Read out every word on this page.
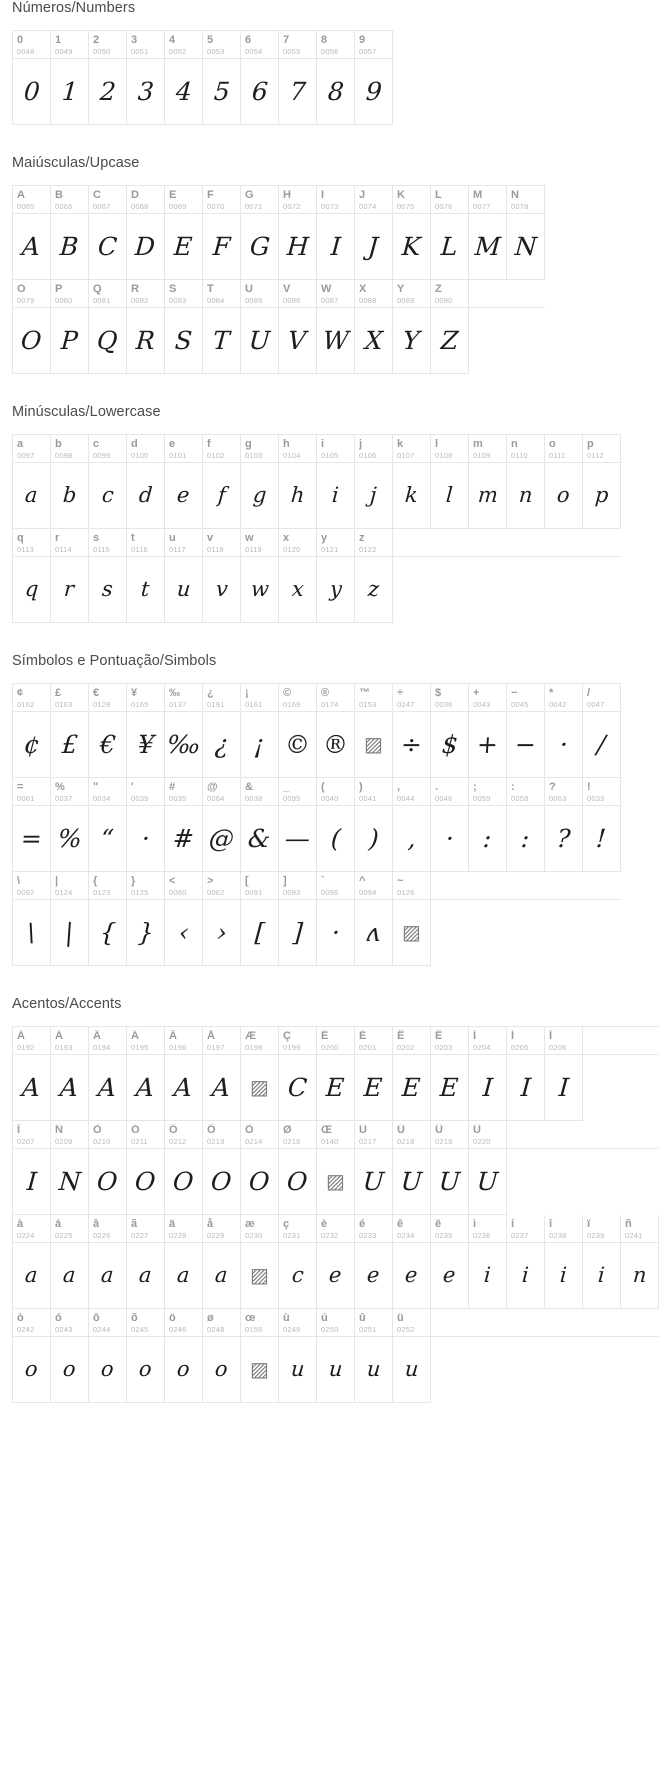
Números/Numbers
0
0048
1
0049
2
0050
3
0051
4
0052
5
0053
6
0054
7
0055
8
0056
9
0057
0 1 2 3 4 5 6 7 8 9
Maiúsculas/Upcase
A
0065
B
0066
C
0067
D
0068
E
0069
F
0070
G
0071
H
0072
I
0073
J
0074
K
0075
L
0076
M
0077
N
0078
A B C D E F G H I J K L M N
O
0079
P
0080
Q
0081
R
0082
S
0083
T
0084
U
0085
V
0086
W
0087
X
0088
Y
0089
Z
0090
O P Q R S T U V W X Y Z
Minúsculas/Lowercase
a
0097
b
0098
c
0099
d
0100
e
0101
f
0102
g
0103
h
0104
i
0105
j
0106
k
0107
l
0108
m
0109
n
0110
o
0111
p
0112
a b c d e f g h i j k l m n o p
q
0113
r
0114
s
0115
t
0116
u
0117
v
0118
w
0119
x
0120
y
0121
z
0122
q r s t u v w x y z
Símbolos e Pontuação/Simbols
¢
0162
£
0163
€
0128
¥
0165
‰
0137
¿
0191
¡
0161
©
0169
®
0174
™
0153
÷
0247
$
0036
+
0043
−
0045
*
0042
/
0047
¢ £ € ¥ ‰ ¿ ¡ © ® ▨ ÷ $ + − · /
=
0061
%
0037
"
0034
'
0039
#
0035
@
0064
&
0038
_
0095
(
0040
)
0041
,
0044
.
0046
;
0059
:
0058
?
0063
!
0033
= % “ · # @ & — ( ) , · : : ? !
\
0092
|
0124
{
0123
}
0125
<
0060
>
0062
[
0091
]
0093
`
0096
^
0094
~
0126
\ | { } ‹ › [ ] · ʌ ▨
Acentos/Accents
À
0192
Á
0193
Â
0194
Ã
0195
Ä
0196
Å
0197
Æ
0198
Ç
0199
È
0200
É
0201
Ê
0202
Ë
0203
Ì
0204
Í
0205
Î
0206
A A A A A A ▨ C E E E E I I I
Ï
0207
Ñ
0209
Ò
0210
Ó
0211
Ô
0212
Õ
0213
Ö
0214
Ø
0216
Œ
0140
Ù
0217
Ú
0218
Û
0219
Ü
0220
I N O O O O O O ▨ U U U U
à
0224
á
0225
â
0226
ã
0227
ä
0228
å
0229
æ
0230
ç
0231
è
0232
é
0233
ê
0234
ë
0235
ì
0236
í
0237
î
0238
ï
0239
ñ
0241
a a a a a a ▨ c e e e e i i i i n
ò
0242
ó
0243
ô
0244
õ
0245
ö
0246
ø
0248
œ
0156
ù
0249
ú
0250
û
0251
ü
0252
o o o o o o ▨ u u u u
